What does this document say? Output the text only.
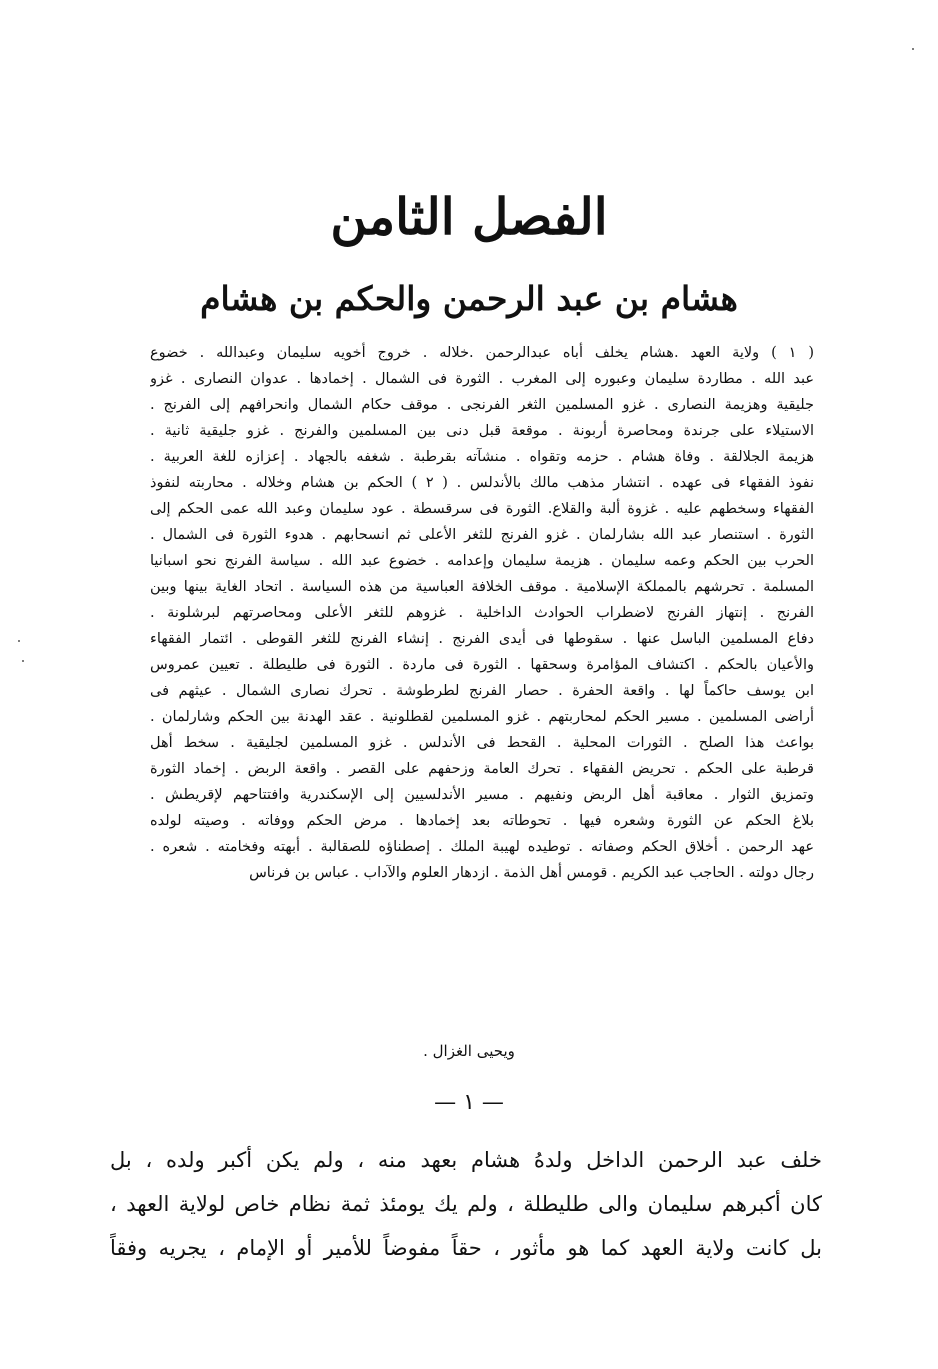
الفصل الثامن
هشام بن عبد الرحمن والحكم بن هشام
( ١ ) ولاية العهد .هشام يخلف أباه عبدالرحمن .خلاله . خروج أخويه سليمان وعبدالله . خضوع
عبد الله . مطاردة سليمان وعبوره إلى المغرب . الثورة فى الشمال . إخمادها . عدوان النصارى . غزو
جليقية وهزيمة النصارى . غزو المسلمين الثغر الفرنجى . موقف حكام الشمال وانحرافهم إلى الفرنج .
الاستيلاء على جرندة ومحاصرة أربونة . موقعة قبل دنى بين المسلمين والفرنج . غزو جليقية ثانية .
هزيمة الجلالقة . وفاة هشام . حزمه وتقواه . منشآته بقرطبة . شغفه بالجهاد . إعزازه للغة العربية .
نفوذ الفقهاء فى عهده . انتشار مذهب مالك بالأندلس . ( ٢ ) الحكم بن هشام وخلاله . محاربته لنفوذ
الفقهاء وسخطهم عليه . غزوة ألبة والقلاع. الثورة فى سرقسطة . عود سليمان وعبد الله عمى الحكم إلى
الثورة . استنصار عبد الله بشارلمان . غزو الفرنج للثغر الأعلى ثم انسحابهم . هدوء الثورة فى الشمال .
الحرب بين الحكم وعمه سليمان . هزيمة سليمان وإعدامه . خضوع عبد الله . سياسة الفرنج نحو اسبانيا
المسلمة . تحرشهم بالمملكة الإسلامية . موقف الخلافة العباسية من هذه السياسة . اتحاد الغاية بينها وبين
الفرنج . إنتهاز الفرنج لاضطراب الحوادث الداخلية . غزوهم للثغر الأعلى ومحاصرتهم لبرشلونة .
دفاع المسلمين الباسل عنها . سقوطها فى أيدى الفرنج . إنشاء الفرنج للثغر القوطى . ائتمار الفقهاء
والأعيان بالحكم . اكتشاف المؤامرة وسحقها . الثورة فى ماردة . الثورة فى طليطلة . تعيين عمروس
ابن يوسف حاكماً لها . واقعة الحفرة . حصار الفرنج لطرطوشة . تحرك نصارى الشمال . عيثهم فى
أراضى المسلمين . مسير الحكم لمحاربتهم . غزو المسلمين لقطلونية . عقد الهدنة بين الحكم وشارلمان .
بواعث هذا الصلح . الثورات المحلية . القحط فى الأندلس . غزو المسلمين لجليقية . سخط أهل
قرطبة على الحكم . تحريض الفقهاء . تحرك العامة وزحفهم على القصر . واقعة الربض . إخماد الثورة
وتمزيق الثوار . معاقبة أهل الربض ونفيهم . مسير الأندلسيين إلى الإسكندرية وافتتاحهم لإقريطش .
بلاغ الحكم عن الثورة وشعره فيها . تحوطاته بعد إخمادها . مرض الحكم ووفاته . وصيته لولده
عهد الرحمن . أخلاق الحكم وصفاته . توطيده لهيبة الملك . إصطناؤه للصقالبة . أبهته وفخامته . شعره .
رجال دولته . الحاجب عبد الكريم . قومس أهل الذمة . ازدهار العلوم والآداب . عباس بن فرناس
ويحيى الغزال .
— ١ —
خلف عبد الرحمن الداخل ولدهُ هشام بعهد منه ، ولم يكن أكبر ولده ، بل
كان أكبرهم سليمان والى طليطلة ، ولم يك يومئذ ثمة نظام خاص لولاية العهد ،
بل كانت ولاية العهد كما هو مأثور ، حقاً مفوضاً للأمير أو الإمام ، يجريه وفقاً
